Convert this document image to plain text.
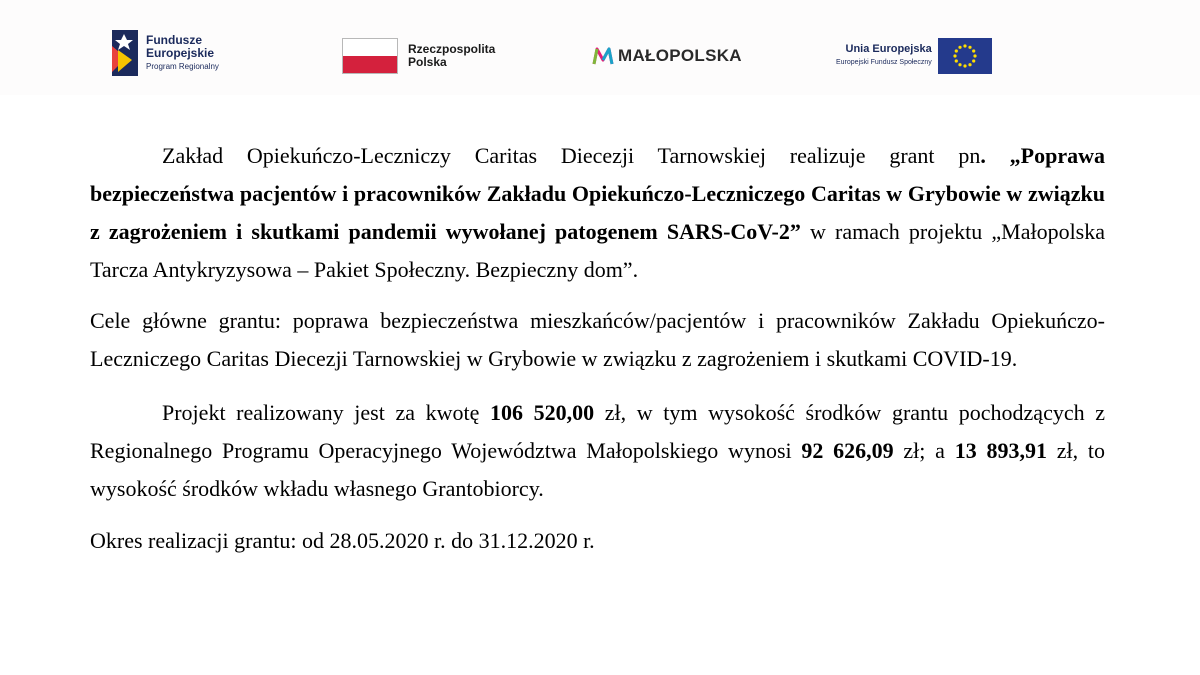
Fundusze
Europejskie
Program Regionalny
Rzeczpospolita
Polska	MAŁOPOLSKA	Unia Europejska
Europejski Fundusz Społeczny

Zakład Opiekuńczo-Leczniczy Caritas Diecezji Tarnowskiej realizuje grant pn. „Poprawa bezpieczeństwa pacjentów i pracowników Zakładu Opiekuńczo-Leczniczego Caritas w Grybowie w związku z zagrożeniem i skutkami pandemii wywołanej patogenem SARS-CoV-2” w ramach projektu „Małopolska Tarcza Antykryzysowa – Pakiet Społeczny. Bezpieczny dom”.

Cele główne grantu: poprawa bezpieczeństwa mieszkańców/pacjentów i pracowników Zakładu Opiekuńczo-Leczniczego Caritas Diecezji Tarnowskiej w Grybowie w związku z zagrożeniem i skutkami COVID-19.

Projekt realizowany jest za kwotę 106 520,00 zł, w tym wysokość środków grantu pochodzących z Regionalnego Programu Operacyjnego Województwa Małopolskiego wynosi 92 626,09 zł; a 13 893,91 zł, to wysokość środków wkładu własnego Grantobiorcy.

Okres realizacji grantu: od 28.05.2020 r. do 31.12.2020 r.
